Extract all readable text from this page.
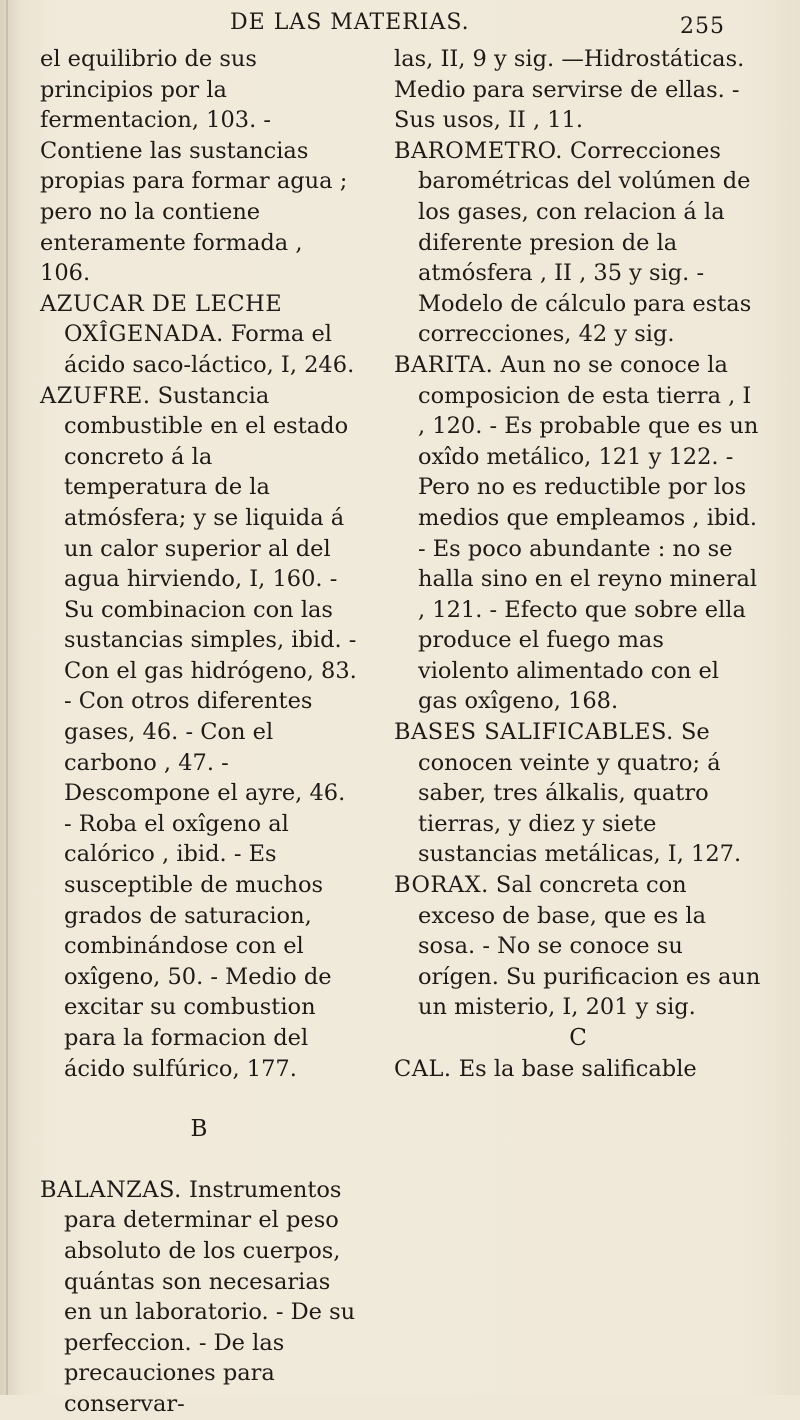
DE LAS MATERIAS.	255

el equilibrio de sus principios por la fermentacion, 103. - Contiene las sustancias propias para formar agua ; pero no la contiene enteramente formada , 106.

AZUCAR DE LECHE OXÎGENADA. Forma el ácido saco-láctico, I, 246.

AZUFRE. Sustancia combustible en el estado concreto á la temperatura de la atmósfera; y se liquida á un calor superior al del agua hirviendo, I, 160. - Su combinacion con las sustancias simples, ibid. - Con el gas hidrógeno, 83. - Con otros diferentes gases, 46. - Con el carbono , 47. - Descompone el ayre, 46. - Roba el oxîgeno al calórico , ibid. - Es susceptible de muchos grados de saturacion, combinándose con el oxîgeno, 50. - Medio de excitar su combustion para la formacion del ácido sulfúrico, 177.

B

BALANZAS. Instrumentos para determinar el peso absoluto de los cuerpos, quántas son necesarias en un laboratorio. - De su perfeccion. - De las precauciones para conservar-

las, II, 9 y sig. —Hidrostáticas. Medio para servirse de ellas. - Sus usos, II , 11.

BAROMETRO. Correcciones barométricas del volúmen de los gases, con relacion á la diferente presion de la atmósfera , II , 35 y sig. - Modelo de cálculo para estas correcciones, 42 y sig.

BARITA. Aun no se conoce la composicion de esta tierra , I , 120. - Es probable que es un oxîdo metálico, 121 y 122. - Pero no es reductible por los medios que empleamos , ibid. - Es poco abundante : no se halla sino en el reyno mineral , 121. - Efecto que sobre ella produce el fuego mas violento alimentado con el gas oxîgeno, 168.

BASES SALIFICABLES. Se conocen veinte y quatro; á saber, tres álkalis, quatro tierras, y diez y siete sustancias metálicas, I, 127.

BORAX. Sal concreta con exceso de base, que es la sosa. - No se conoce su orígen. Su purificacion es aun un misterio, I, 201 y sig.

C

CAL. Es la base salificable
